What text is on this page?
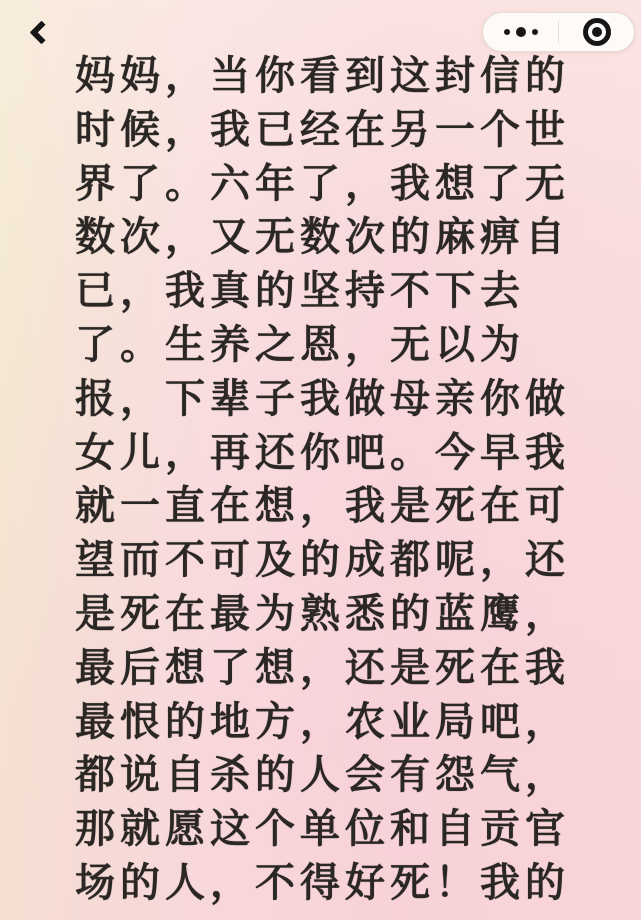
妈妈，当你看到这封信的
时候，我已经在另一个世
界了。六年了，我想了无
数次，又无数次的麻痹自
已，我真的坚持不下去
了。生养之恩，无以为
报，下辈子我做母亲你做
女儿，再还你吧。今早我
就一直在想，我是死在可
望而不可及的成都呢，还
是死在最为熟悉的蓝鹰，
最后想了想，还是死在我
最恨的地方，农业局吧，
都说自杀的人会有怨气，
那就愿这个单位和自贡官
场的人，不得好死！我的
